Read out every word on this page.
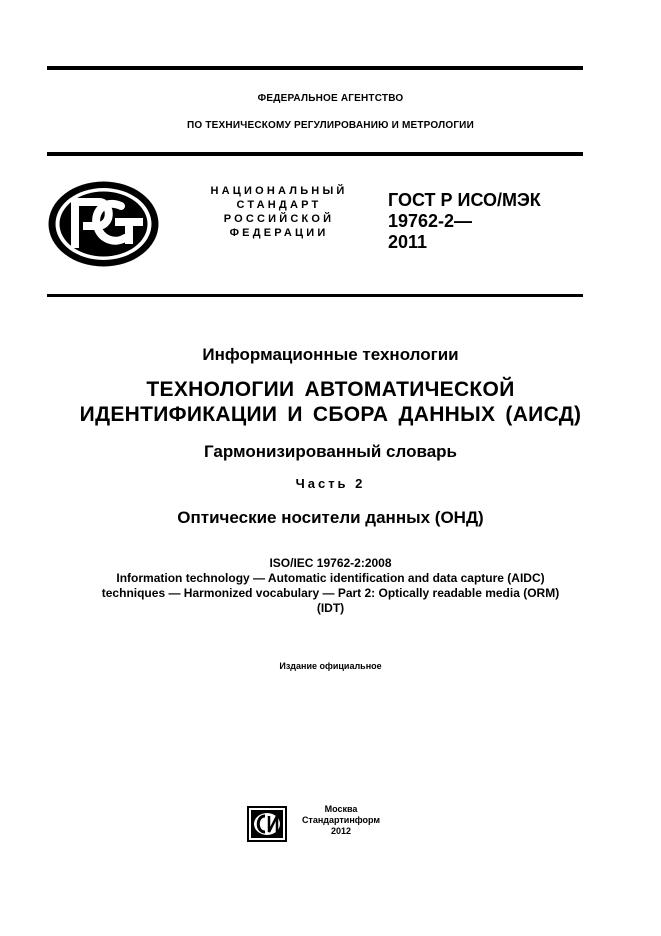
ФЕДЕРАЛЬНОЕ АГЕНТСТВО
ПО ТЕХНИЧЕСКОМУ РЕГУЛИРОВАНИЮ И МЕТРОЛОГИИ
НАЦИОНАЛЬНЫЙ
СТАНДАРТ
РОССИЙСКОЙ
ФЕДЕРАЦИИ
ГОСТ Р ИСО/МЭК
19762-2—
2011
Информационные технологии
ТЕХНОЛОГИИ АВТОМАТИЧЕСКОЙ
ИДЕНТИФИКАЦИИ И СБОРА ДАННЫХ (АИСД)
Гармонизированный словарь
Часть 2
Оптические носители данных (ОНД)
ISO/IEC 19762-2:2008
Information technology — Automatic identification and data capture (AIDC)
techniques — Harmonized vocabulary — Part 2: Optically readable media (ORM)
(IDT)
Издание официальное
Москва
Стандартинформ
2012
